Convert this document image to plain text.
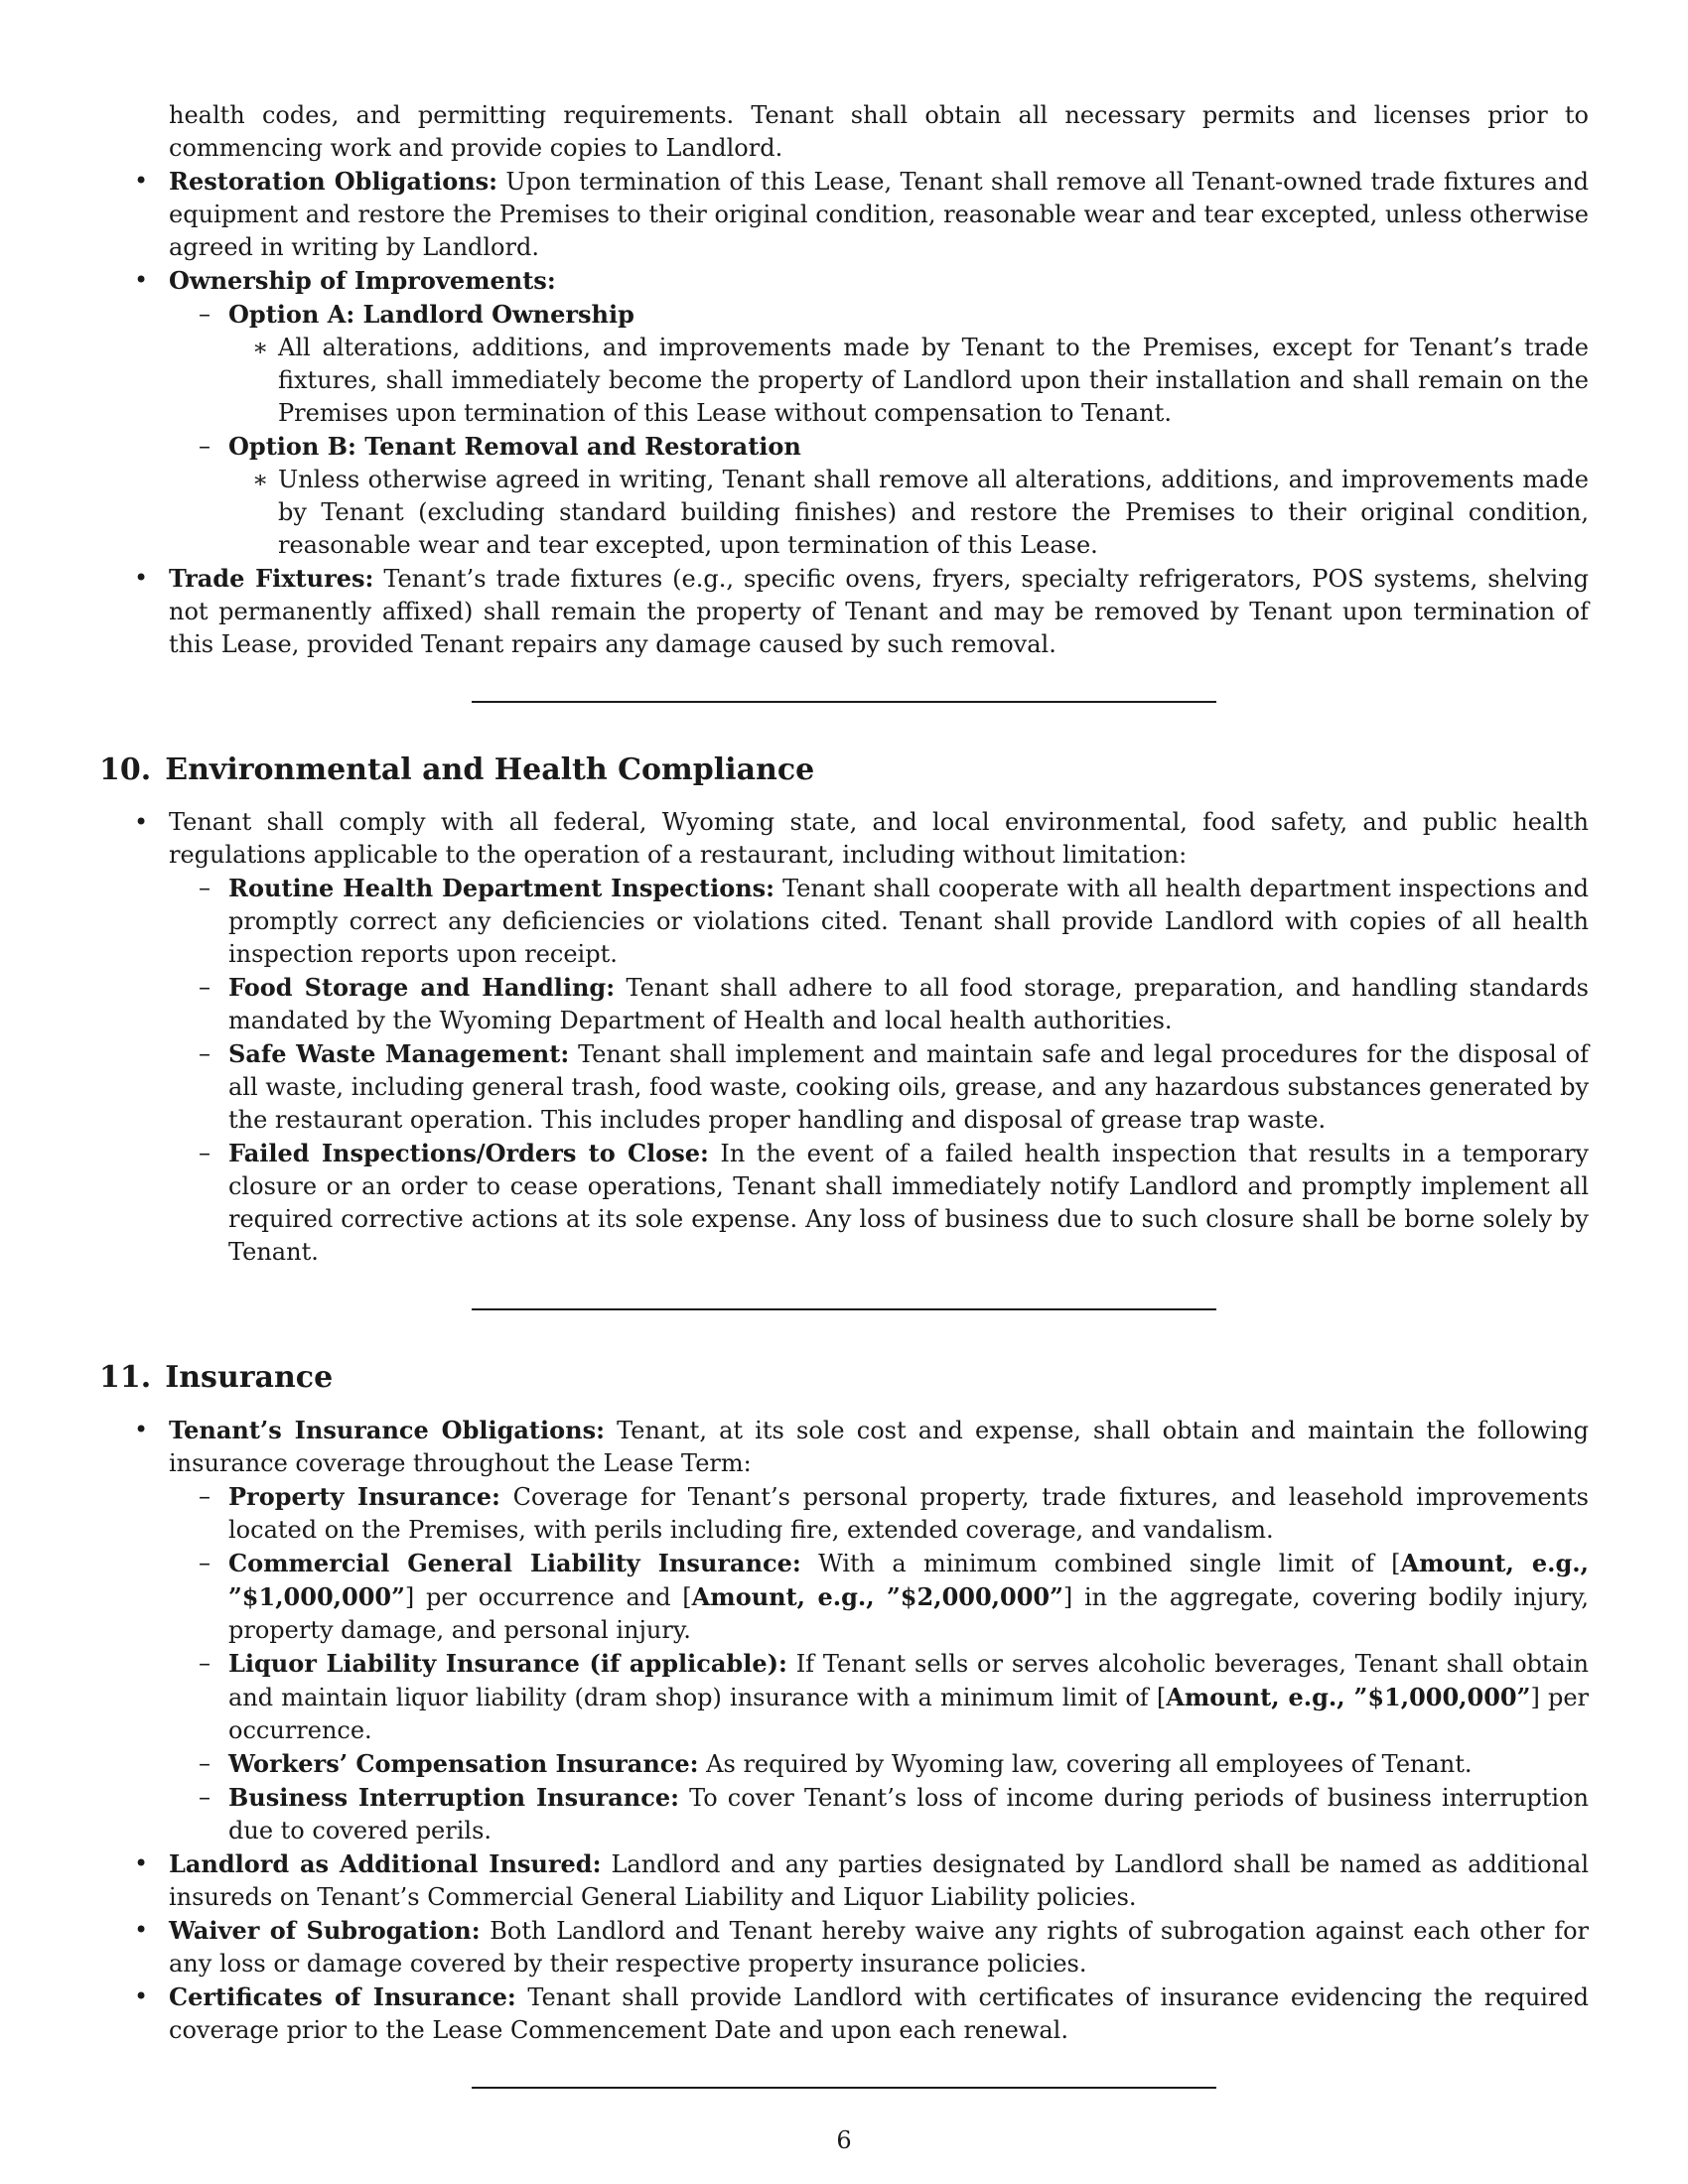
health codes, and permitting requirements. Tenant shall obtain all necessary permits and licenses prior to commencing work and provide copies to Landlord.
• Restoration Obligations: Upon termination of this Lease, Tenant shall remove all Tenant-owned trade fixtures and equipment and restore the Premises to their original condition, reasonable wear and tear excepted, unless otherwise agreed in writing by Landlord.
• Ownership of Improvements:
– Option A: Landlord Ownership
∗ All alterations, additions, and improvements made by Tenant to the Premises, except for Tenant’s trade fixtures, shall immediately become the property of Landlord upon their installation and shall remain on the Premises upon termination of this Lease without compensation to Tenant.
– Option B: Tenant Removal and Restoration
∗ Unless otherwise agreed in writing, Tenant shall remove all alterations, additions, and improvements made by Tenant (excluding standard building finishes) and restore the Premises to their original condition, reasonable wear and tear excepted, upon termination of this Lease.
• Trade Fixtures: Tenant’s trade fixtures (e.g., specific ovens, fryers, specialty refrigerators, POS systems, shelving not permanently affixed) shall remain the property of Tenant and may be removed by Tenant upon termination of this Lease, provided Tenant repairs any damage caused by such removal.
10. Environmental and Health Compliance
• Tenant shall comply with all federal, Wyoming state, and local environmental, food safety, and public health regulations applicable to the operation of a restaurant, including without limitation:
– Routine Health Department Inspections: Tenant shall cooperate with all health department inspections and promptly correct any deficiencies or violations cited. Tenant shall provide Landlord with copies of all health inspection reports upon receipt.
– Food Storage and Handling: Tenant shall adhere to all food storage, preparation, and handling standards mandated by the Wyoming Department of Health and local health authorities.
– Safe Waste Management: Tenant shall implement and maintain safe and legal procedures for the disposal of all waste, including general trash, food waste, cooking oils, grease, and any hazardous substances generated by the restaurant operation. This includes proper handling and disposal of grease trap waste.
– Failed Inspections/Orders to Close: In the event of a failed health inspection that results in a temporary closure or an order to cease operations, Tenant shall immediately notify Landlord and promptly implement all required corrective actions at its sole expense. Any loss of business due to such closure shall be borne solely by Tenant.
11. Insurance
• Tenant’s Insurance Obligations: Tenant, at its sole cost and expense, shall obtain and maintain the following insurance coverage throughout the Lease Term:
– Property Insurance: Coverage for Tenant’s personal property, trade fixtures, and leasehold improvements located on the Premises, with perils including fire, extended coverage, and vandalism.
– Commercial General Liability Insurance: With a minimum combined single limit of [Amount, e.g., ”$1,000,000”] per occurrence and [Amount, e.g., ”$2,000,000”] in the aggregate, covering bodily injury, property damage, and personal injury.
– Liquor Liability Insurance (if applicable): If Tenant sells or serves alcoholic beverages, Tenant shall obtain and maintain liquor liability (dram shop) insurance with a minimum limit of [Amount, e.g., ”$1,000,000”] per occurrence.
– Workers’ Compensation Insurance: As required by Wyoming law, covering all employees of Tenant.
– Business Interruption Insurance: To cover Tenant’s loss of income during periods of business interruption due to covered perils.
• Landlord as Additional Insured: Landlord and any parties designated by Landlord shall be named as additional insureds on Tenant’s Commercial General Liability and Liquor Liability policies.
• Waiver of Subrogation: Both Landlord and Tenant hereby waive any rights of subrogation against each other for any loss or damage covered by their respective property insurance policies.
• Certificates of Insurance: Tenant shall provide Landlord with certificates of insurance evidencing the required coverage prior to the Lease Commencement Date and upon each renewal.
6
